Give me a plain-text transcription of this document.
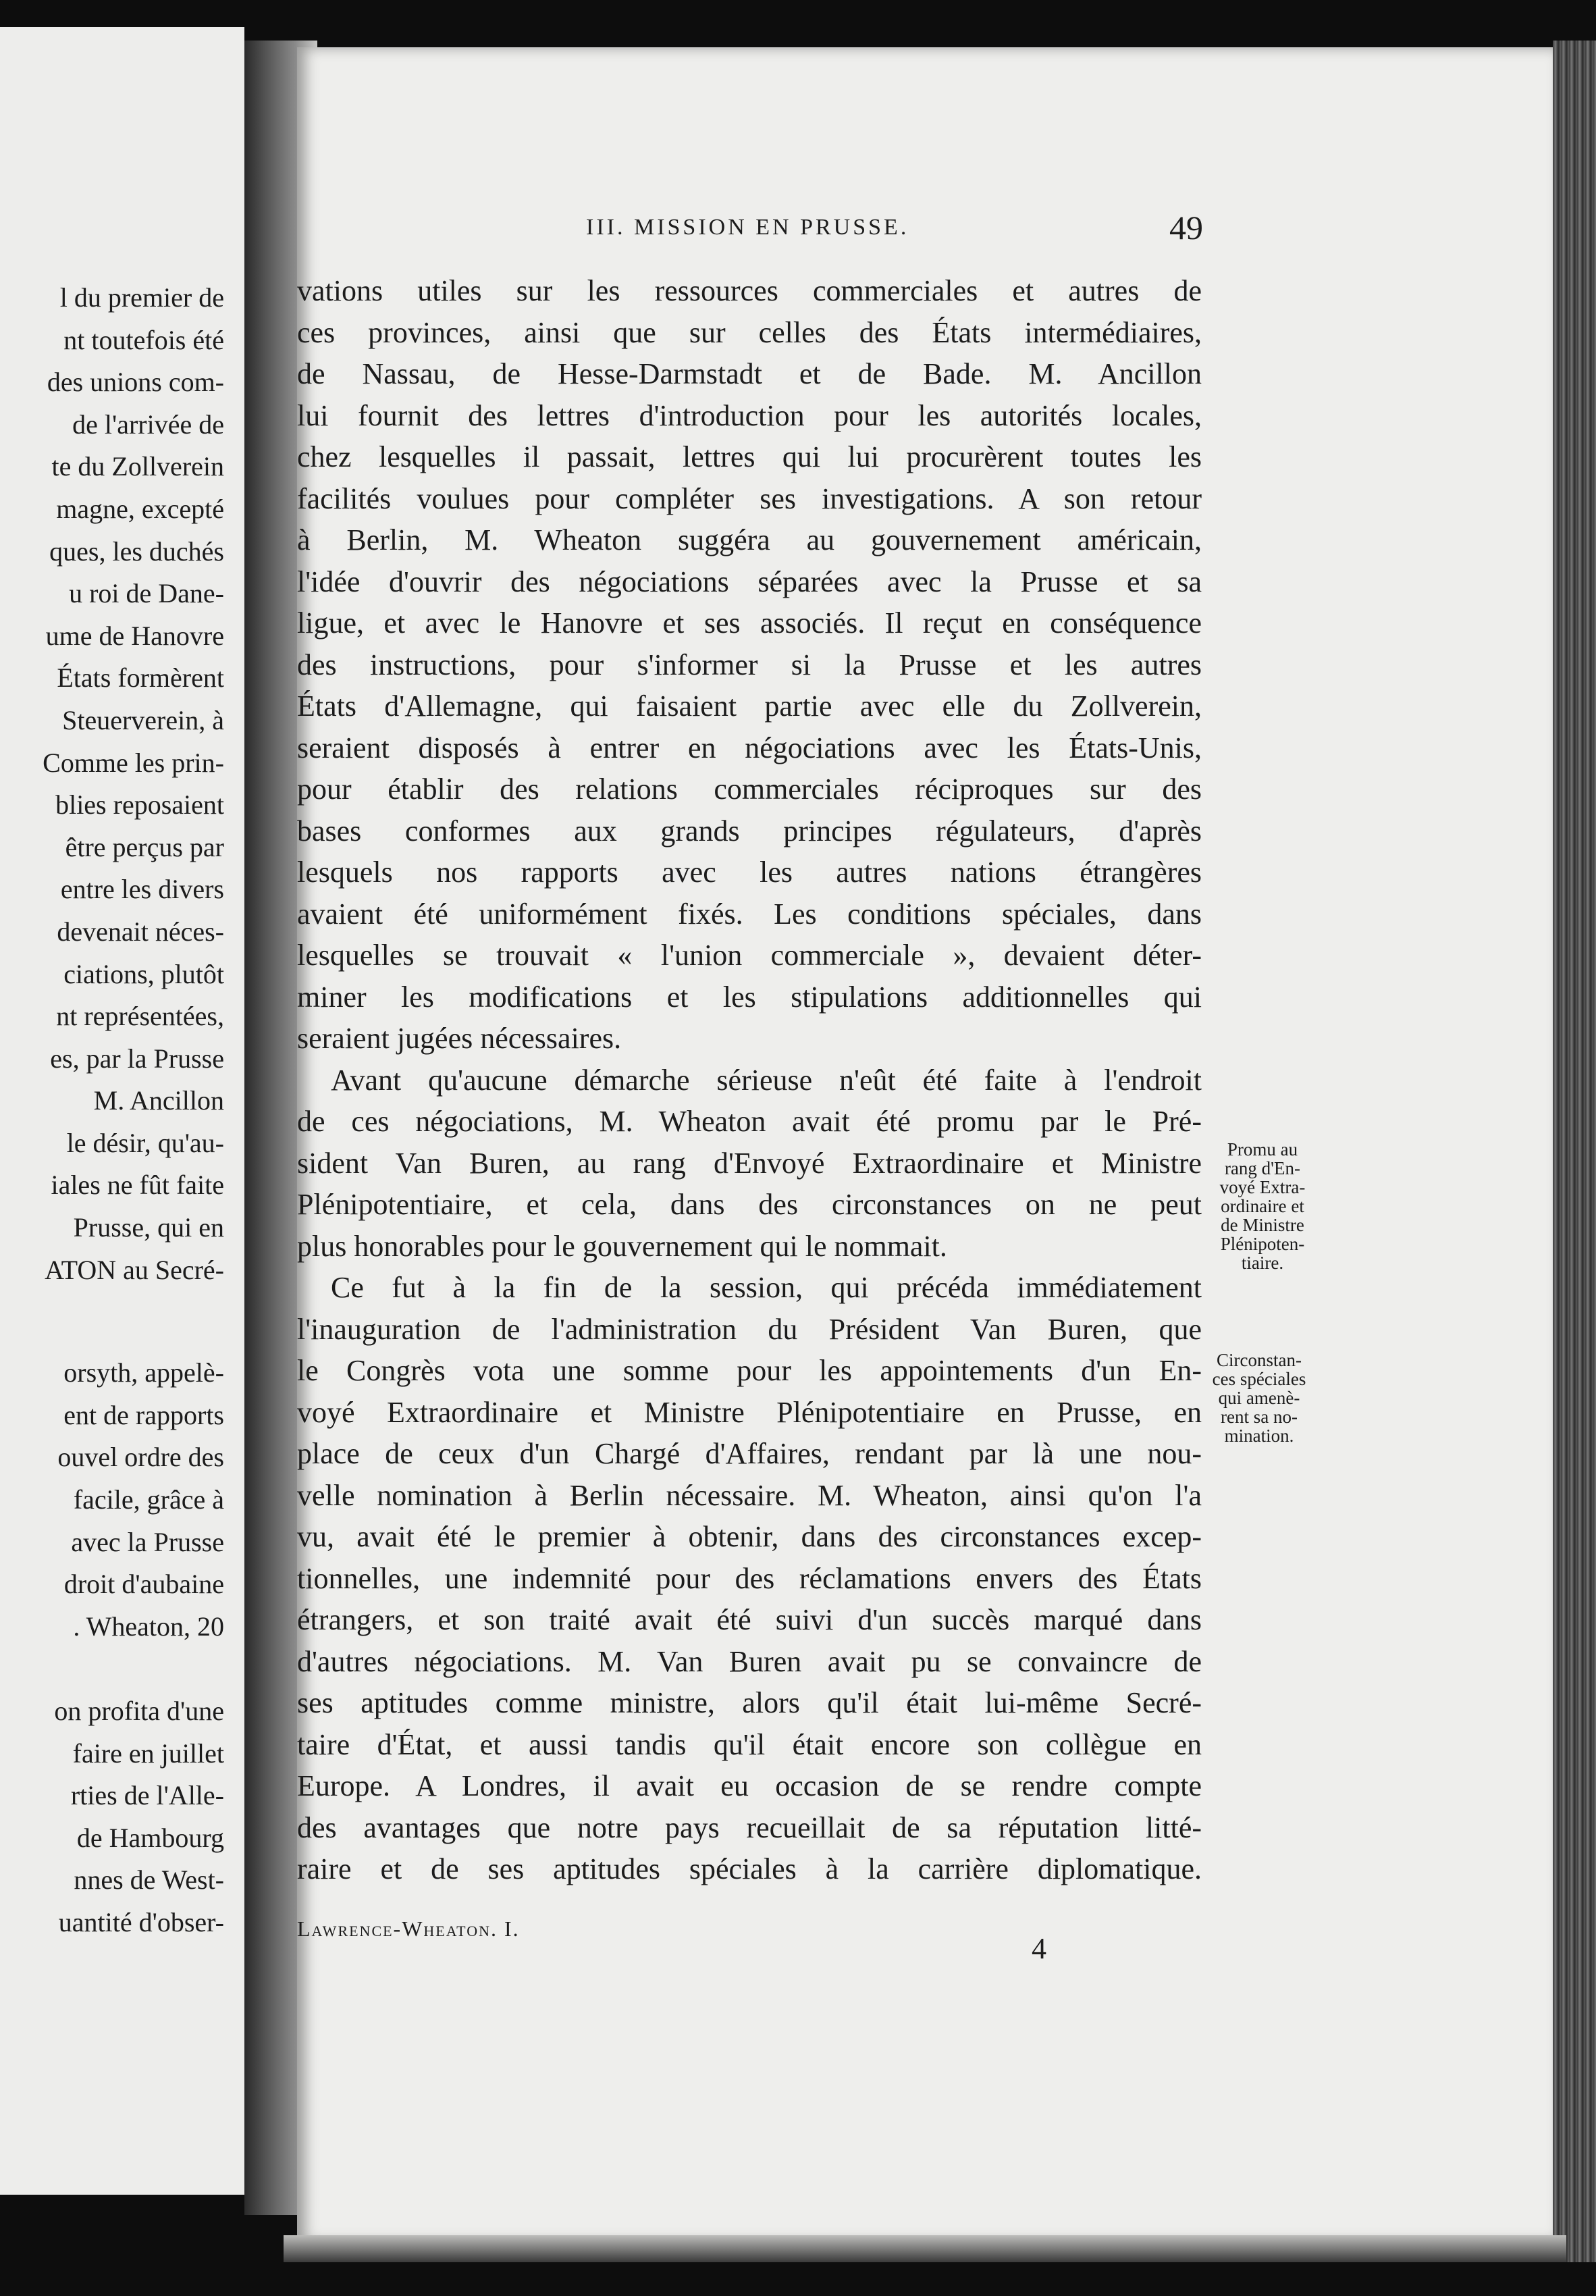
l du premier de
nt toutefois été
des unions com-
de l'arrivée de
te du Zollverein
magne, excepté
ques, les duchés
u roi de Dane-
ume de Hanovre
États formèrent
Steuerverein, à
Comme les prin-
blies reposaient
être perçus par
entre les divers
devenait néces-
ciations, plutôt
nt représentées,
es, par la Prusse
M. Ancillon
le désir, qu'au-
iales ne fût faite
Prusse, qui en
ATON au Secré-
orsyth, appelè-
ent de rapports
ouvel ordre des
facile, grâce à
avec la Prusse
droit d'aubaine
. Wheaton, 20
on profita d'une
faire en juillet
rties de l'Alle-
de Hambourg
nnes de West-
uantité d'obser-
III. MISSION EN PRUSSE.	49
vations utiles sur les ressources commerciales et autres de
ces provinces, ainsi que sur celles des États intermédiaires,
de Nassau, de Hesse-Darmstadt et de Bade. M. Ancillon
lui fournit des lettres d'introduction pour les autorités locales,
chez lesquelles il passait, lettres qui lui procurèrent toutes les
facilités voulues pour compléter ses investigations. A son retour
à Berlin, M. Wheaton suggéra au gouvernement américain,
l'idée d'ouvrir des négociations séparées avec la Prusse et sa
ligue, et avec le Hanovre et ses associés. Il reçut en conséquence
des instructions, pour s'informer si la Prusse et les autres
États d'Allemagne, qui faisaient partie avec elle du Zollverein,
seraient disposés à entrer en négociations avec les États-Unis,
pour établir des relations commerciales réciproques sur des
bases conformes aux grands principes régulateurs, d'après
lesquels nos rapports avec les autres nations étrangères
avaient été uniformément fixés. Les conditions spéciales, dans
lesquelles se trouvait « l'union commerciale », devaient déter-
miner les modifications et les stipulations additionnelles qui
seraient jugées nécessaires.
Avant qu'aucune démarche sérieuse n'eût été faite à l'endroit
de ces négociations, M. Wheaton avait été promu par le Pré-
sident Van Buren, au rang d'Envoyé Extraordinaire et Ministre
Plénipotentiaire, et cela, dans des circonstances on ne peut
plus honorables pour le gouvernement qui le nommait.
Ce fut à la fin de la session, qui précéda immédiatement
l'inauguration de l'administration du Président Van Buren, que
le Congrès vota une somme pour les appointements d'un En-
voyé Extraordinaire et Ministre Plénipotentiaire en Prusse, en
place de ceux d'un Chargé d'Affaires, rendant par là une nou-
velle nomination à Berlin nécessaire. M. Wheaton, ainsi qu'on l'a
vu, avait été le premier à obtenir, dans des circonstances excep-
tionnelles, une indemnité pour des réclamations envers des États
étrangers, et son traité avait été suivi d'un succès marqué dans
d'autres négociations. M. Van Buren avait pu se convaincre de
ses aptitudes comme ministre, alors qu'il était lui-même Secré-
taire d'État, et aussi tandis qu'il était encore son collègue en
Europe. A Londres, il avait eu occasion de se rendre compte
des avantages que notre pays recueillait de sa réputation litté-
raire et de ses aptitudes spéciales à la carrière diplomatique.
Promu au
rang d'En-
voyé Extra-
ordinaire et
de Ministre
Plénipoten-
tiaire.
Circonstan-
ces spéciales
qui amenè-
rent sa no-
mination.
Lawrence-Wheaton. I.
4
